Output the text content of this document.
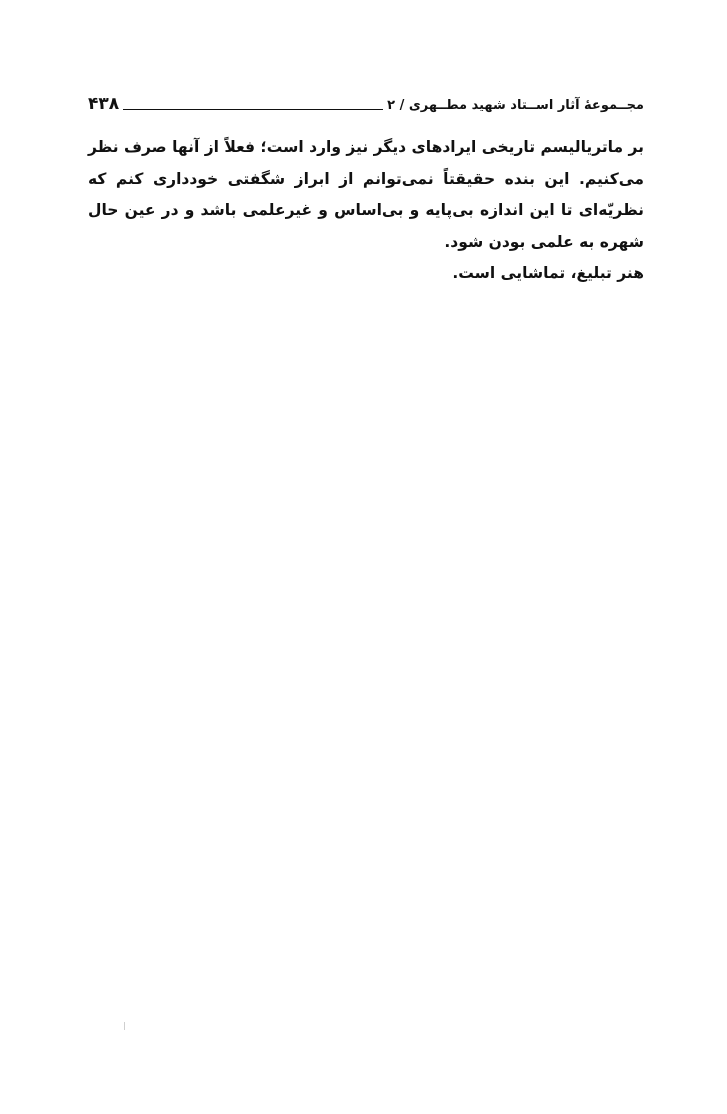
۴۳۸	مجــموعهٔ آثار اســتاد شهید مطــهری / ۲

بر ماتریالیسم تاریخی ایرادهای دیگر نیز وارد است؛ فعلاً از آنها صرف نظر می‌کنیم. این بنده حقیقتاً نمی‌توانم از ابراز شگفتی خودداری کنم که نظریّه‌ای تا این اندازه بی‌پایه و بی‌اساس و غیرعلمی باشد و در عین حال شهره به علمی بودن شود.

هنر تبلیغ، تماشایی است.
